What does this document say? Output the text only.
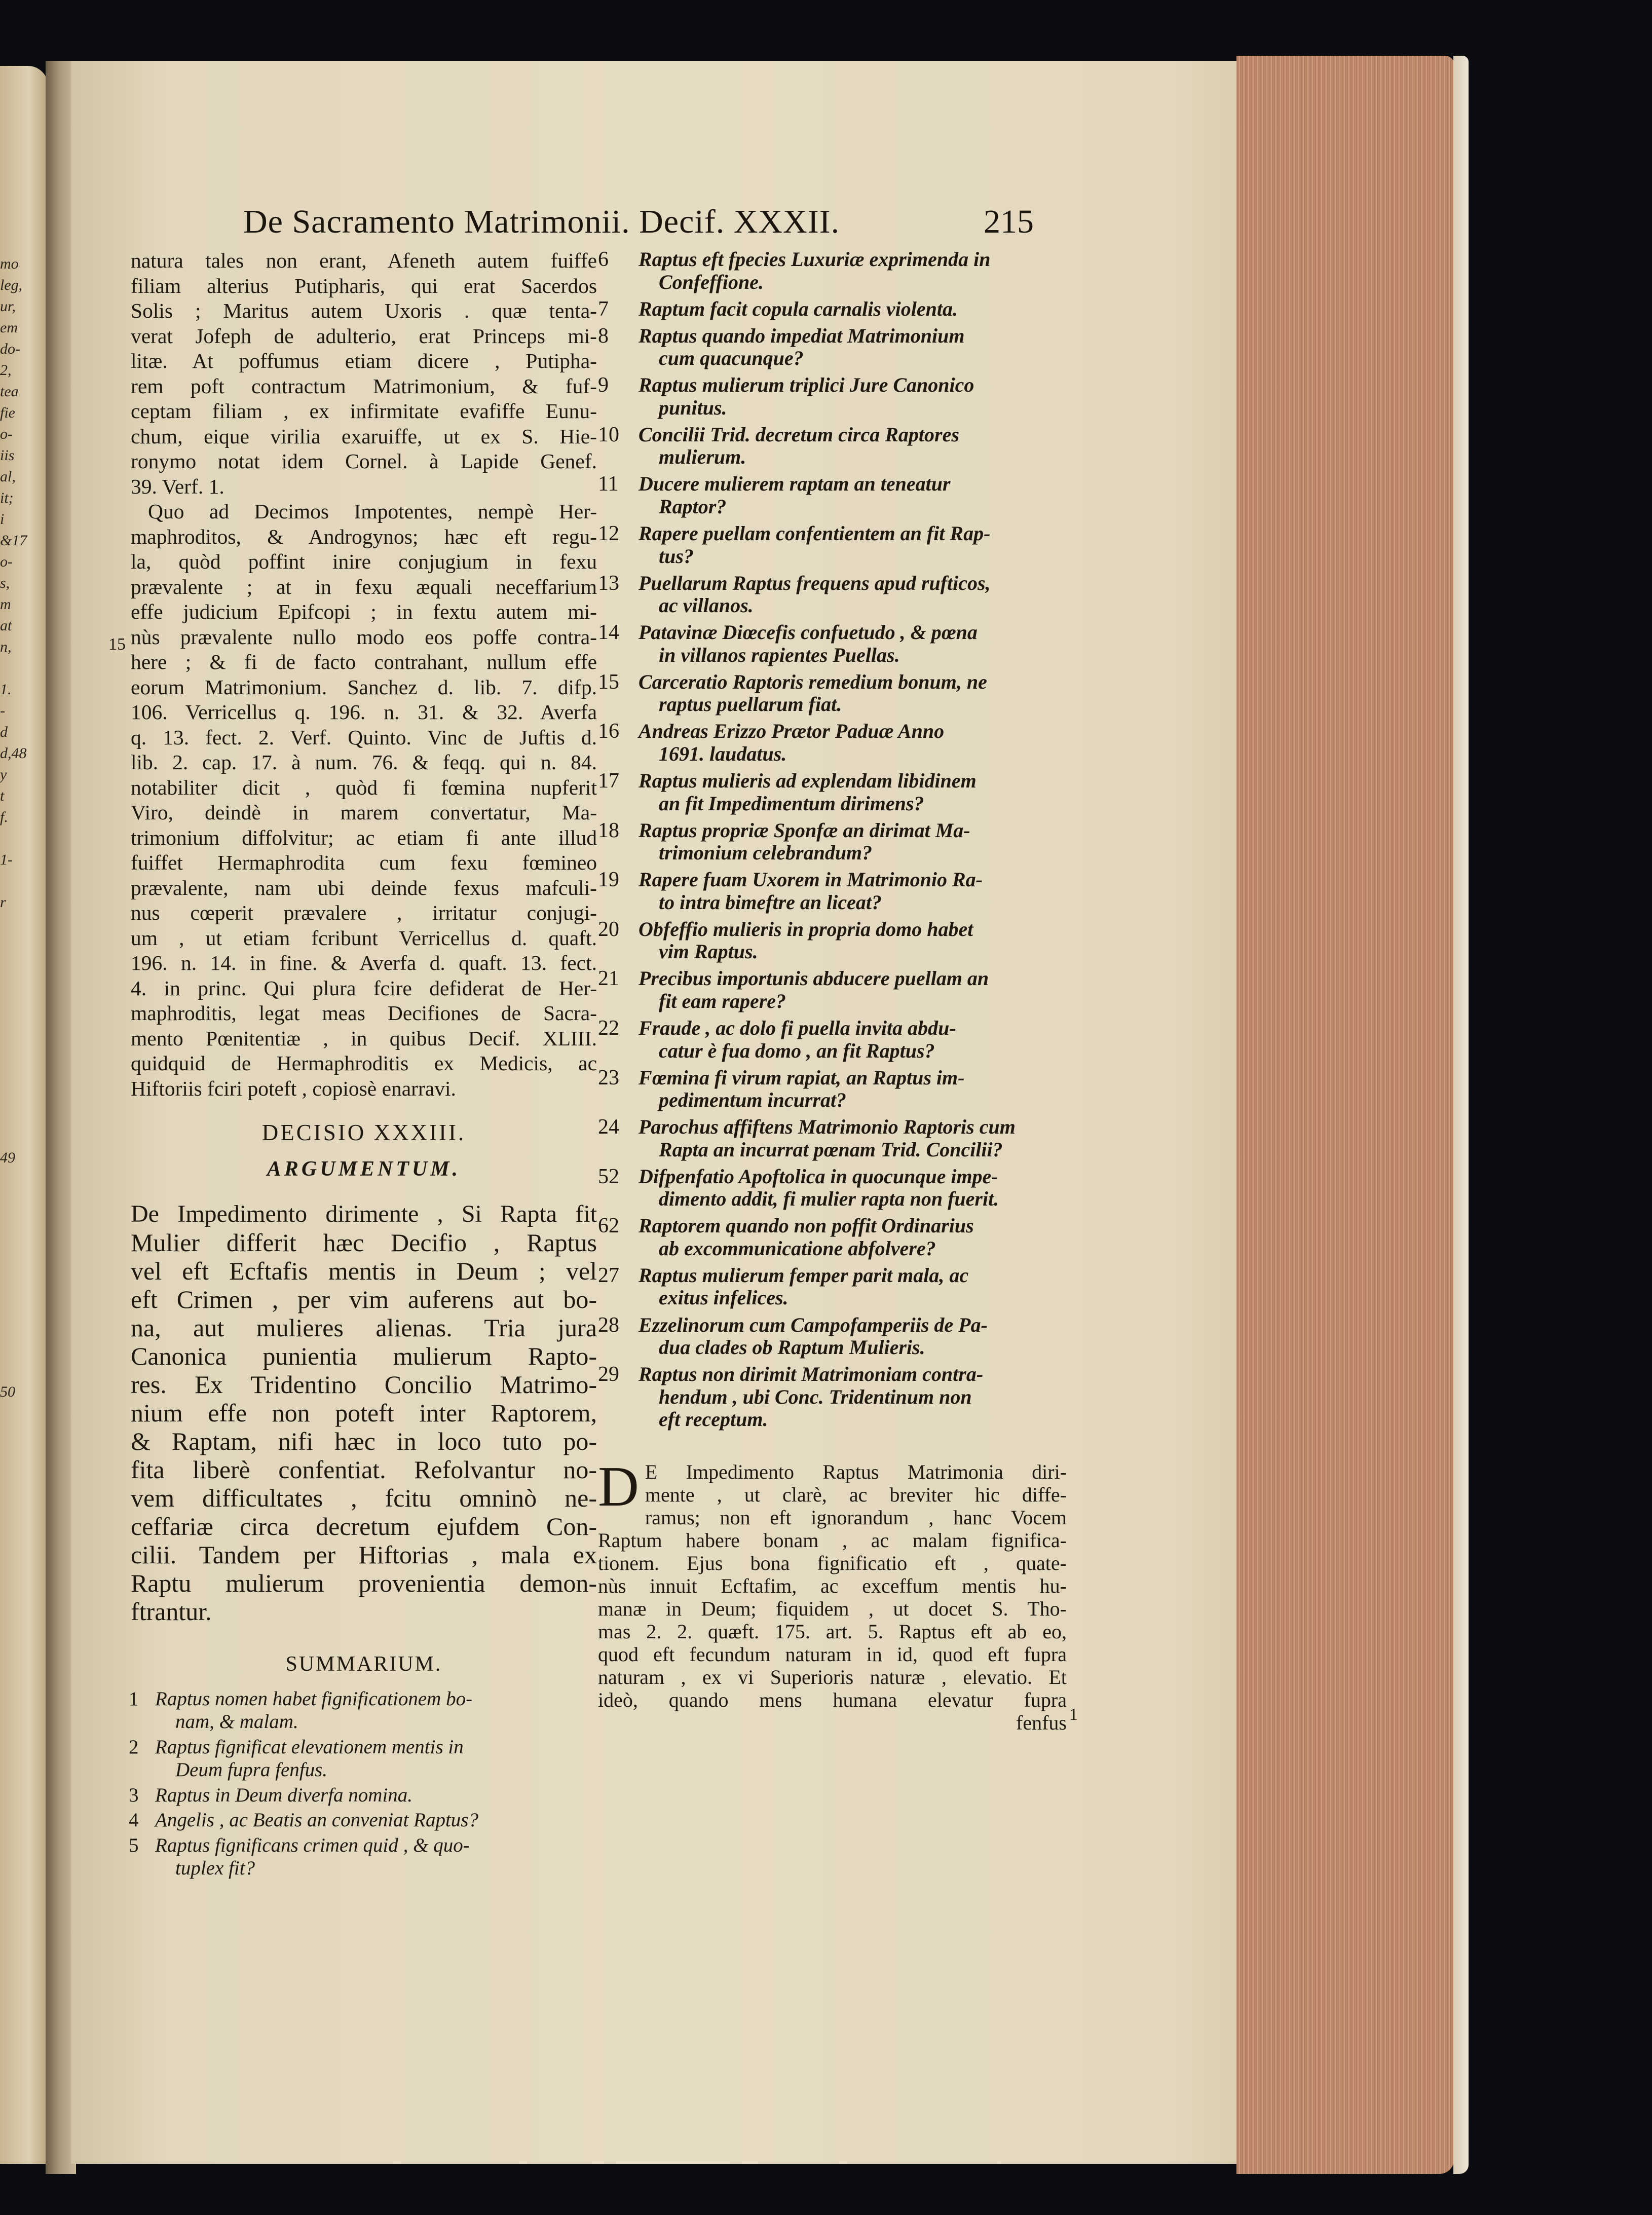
mo
leg,
ur,
em
do-
2,
tea
fie
o-
iis
al,
it;
i
&17
o-
s,
m
at
n,
1.
-
d
d,48
y
t
f.
1-
r
49
50
De Sacramento Matrimonii. Decif. XXXII.	215
natura tales non erant, Afeneth autem fuiffe
filiam alterius Putipharis, qui erat Sacerdos
Solis ; Maritus autem Uxoris . quæ tenta-
verat Jofeph de adulterio, erat Princeps mi-
litæ. At poffumus etiam dicere , Putipha-
rem poft contractum Matrimonium, & fuf-
ceptam filiam , ex infirmitate evafiffe Eunu-
chum, eique virilia exaruiffe, ut ex S. Hie-
ronymo notat idem Cornel. à Lapide Genef.
39. Verf. 1.
Quo ad Decimos Impotentes, nempè Her-
maphroditos, & Androgynos; hæc eft regu-
la, quòd poffint inire conjugium in fexu
prævalente ; at in fexu æquali neceffarium
effe judicium Epifcopi ; in fextu autem mi-
nùs prævalente nullo modo eos poffe contra-
here ; & fi de facto contrahant, nullum effe
eorum Matrimonium. Sanchez d. lib. 7. difp.
106. Verricellus q. 196. n. 31. & 32. Averfa
q. 13. fect. 2. Verf. Quinto. Vinc de Juftis d.
lib. 2. cap. 17. à num. 76. & feqq. qui n. 84.
notabiliter dicit , quòd fi fœmina nupferit
Viro, deindè in marem convertatur, Ma-
trimonium diffolvitur; ac etiam fi ante illud
fuiffet Hermaphrodita cum fexu fœmineo
prævalente, nam ubi deinde fexus mafculi-
nus cœperit prævalere , irritatur conjugi-
um , ut etiam fcribunt Verricellus d. quaft.
196. n. 14. in fine. & Averfa d. quaft. 13. fect.
4. in princ. Qui plura fcire defiderat de Her-
maphroditis, legat meas Decifiones de Sacra-
mento Pœnitentiæ , in quibus Decif. XLIII.
quidquid de Hermaphroditis ex Medicis, ac
Hiftoriis fciri poteft , copiosè enarravi.
DECISIO XXXIII.
ARGUMENTUM.
De Impedimento dirimente , Si Rapta fit
Mulier differit hæc Decifio , Raptus
vel eft Ecftafis mentis in Deum ; vel
eft Crimen , per vim auferens aut bo-
na, aut mulieres alienas. Tria jura
Canonica punientia mulierum Rapto-
res. Ex Tridentino Concilio Matrimo-
nium effe non poteft inter Raptorem,
& Raptam, nifi hæc in loco tuto po-
fita liberè confentiat. Refolvantur no-
vem difficultates , fcitu omninò ne-
ceffariæ circa decretum ejufdem Con-
cilii. Tandem per Hiftorias , mala ex
Raptu mulierum provenientia demon-
ftrantur.
SUMMARIUM.
1 Raptus nomen habet fignificationem bo-
nam, & malam.
2 Raptus fignificat elevationem mentis in
Deum fupra fenfus.
3 Raptus in Deum diverfa nomina.
4 Angelis , ac Beatis an conveniat Raptus?
5 Raptus fignificans crimen quid , & quo-
tuplex fit?
15
6 Raptus eft fpecies Luxuriæ exprimenda in
Confeffione.
7 Raptum facit copula carnalis violenta.
8 Raptus quando impediat Matrimonium
cum quacunque?
9 Raptus mulierum triplici Jure Canonico
punitus.
10 Concilii Trid. decretum circa Raptores
mulierum.
11 Ducere mulierem raptam an teneatur
Raptor?
12 Rapere puellam confentientem an fit Rap-
tus?
13 Puellarum Raptus frequens apud rufticos,
ac villanos.
14 Patavinæ Diœcefis confuetudo , & pœna
in villanos rapientes Puellas.
15 Carceratio Raptoris remedium bonum, ne
raptus puellarum fiat.
16 Andreas Erizzo Prætor Paduæ Anno
1691. laudatus.
17 Raptus mulieris ad explendam libidinem
an fit Impedimentum dirimens?
18 Raptus propriæ Sponfæ an dirimat Ma-
trimonium celebrandum?
19 Rapere fuam Uxorem in Matrimonio Ra-
to intra bimeftre an liceat?
20 Obfeffio mulieris in propria domo habet
vim Raptus.
21 Precibus importunis abducere puellam an
fit eam rapere?
22 Fraude , ac dolo fi puella invita abdu-
catur è fua domo , an fit Raptus?
23 Fœmina fi virum rapiat, an Raptus im-
pedimentum incurrat?
24 Parochus affiftens Matrimonio Raptoris cum
Rapta an incurrat pœnam Trid. Concilii?
52 Difpenfatio Apoftolica in quocunque impe-
dimento addit, fi mulier rapta non fuerit.
62 Raptorem quando non poffit Ordinarius
ab excommunicatione abfolvere?
27 Raptus mulierum femper parit mala, ac
exitus infelices.
28 Ezzelinorum cum Campofamperiis de Pa-
dua clades ob Raptum Mulieris.
29 Raptus non dirimit Matrimoniam contra-
hendum , ubi Conc. Tridentinum non
eft receptum.
D E Impedimento Raptus Matrimonia diri-
mente , ut clarè, ac breviter hic diffe-
ramus; non eft ignorandum , hanc Vocem
Raptum habere bonam , ac malam fignifica-
tionem. Ejus bona fignificatio eft , quate-
nùs innuit Ecftafim, ac exceffum mentis hu-
manæ in Deum; fiquidem , ut docet S. Tho-
mas 2. 2. quæft. 175. art. 5. Raptus eft ab eo,
quod eft fecundum naturam in id, quod eft fupra
naturam , ex vi Superioris naturæ , elevatio. Et
ideò, quando mens humana elevatur fupra
fenfus 1
